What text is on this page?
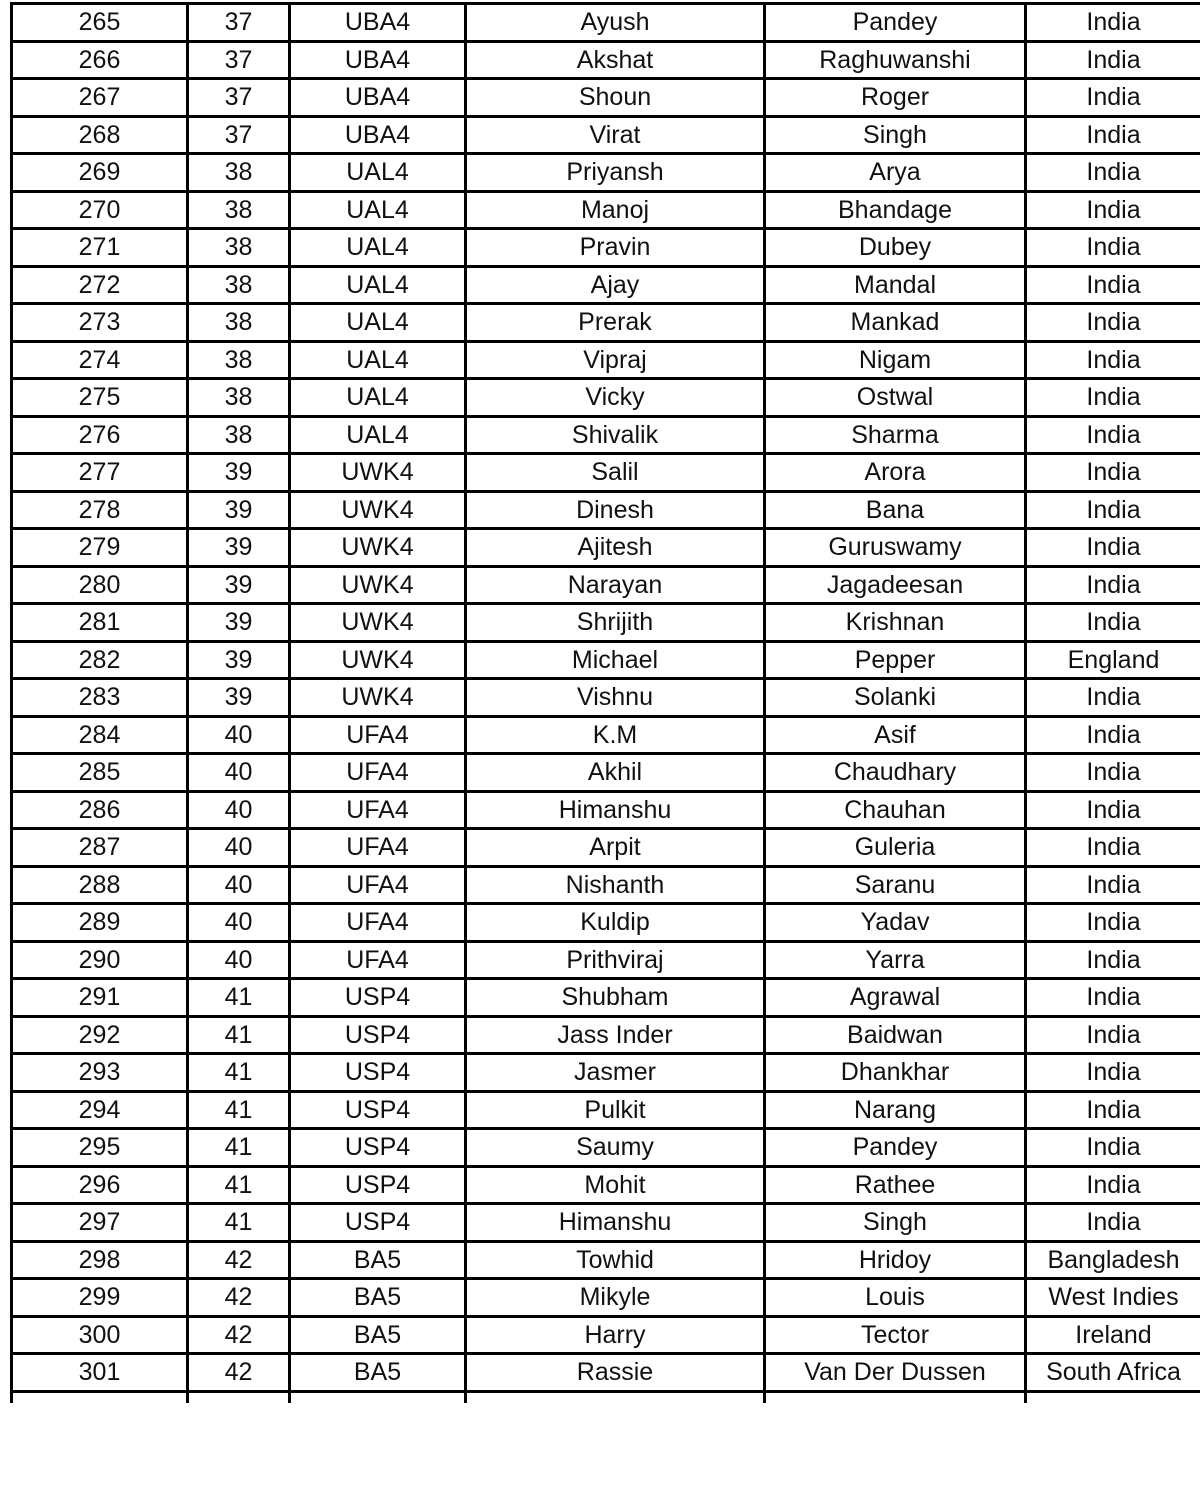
265	37	UBA4	Ayush	Pandey	India
266	37	UBA4	Akshat	Raghuwanshi	India
267	37	UBA4	Shoun	Roger	India
268	37	UBA4	Virat	Singh	India
269	38	UAL4	Priyansh	Arya	India
270	38	UAL4	Manoj	Bhandage	India
271	38	UAL4	Pravin	Dubey	India
272	38	UAL4	Ajay	Mandal	India
273	38	UAL4	Prerak	Mankad	India
274	38	UAL4	Vipraj	Nigam	India
275	38	UAL4	Vicky	Ostwal	India
276	38	UAL4	Shivalik	Sharma	India
277	39	UWK4	Salil	Arora	India
278	39	UWK4	Dinesh	Bana	India
279	39	UWK4	Ajitesh	Guruswamy	India
280	39	UWK4	Narayan	Jagadeesan	India
281	39	UWK4	Shrijith	Krishnan	India
282	39	UWK4	Michael	Pepper	England
283	39	UWK4	Vishnu	Solanki	India
284	40	UFA4	K.M	Asif	India
285	40	UFA4	Akhil	Chaudhary	India
286	40	UFA4	Himanshu	Chauhan	India
287	40	UFA4	Arpit	Guleria	India
288	40	UFA4	Nishanth	Saranu	India
289	40	UFA4	Kuldip	Yadav	India
290	40	UFA4	Prithviraj	Yarra	India
291	41	USP4	Shubham	Agrawal	India
292	41	USP4	Jass Inder	Baidwan	India
293	41	USP4	Jasmer	Dhankhar	India
294	41	USP4	Pulkit	Narang	India
295	41	USP4	Saumy	Pandey	India
296	41	USP4	Mohit	Rathee	India
297	41	USP4	Himanshu	Singh	India
298	42	BA5	Towhid	Hridoy	Bangladesh
299	42	BA5	Mikyle	Louis	West Indies
300	42	BA5	Harry	Tector	Ireland
301	42	BA5	Rassie	Van Der Dussen	South Africa
